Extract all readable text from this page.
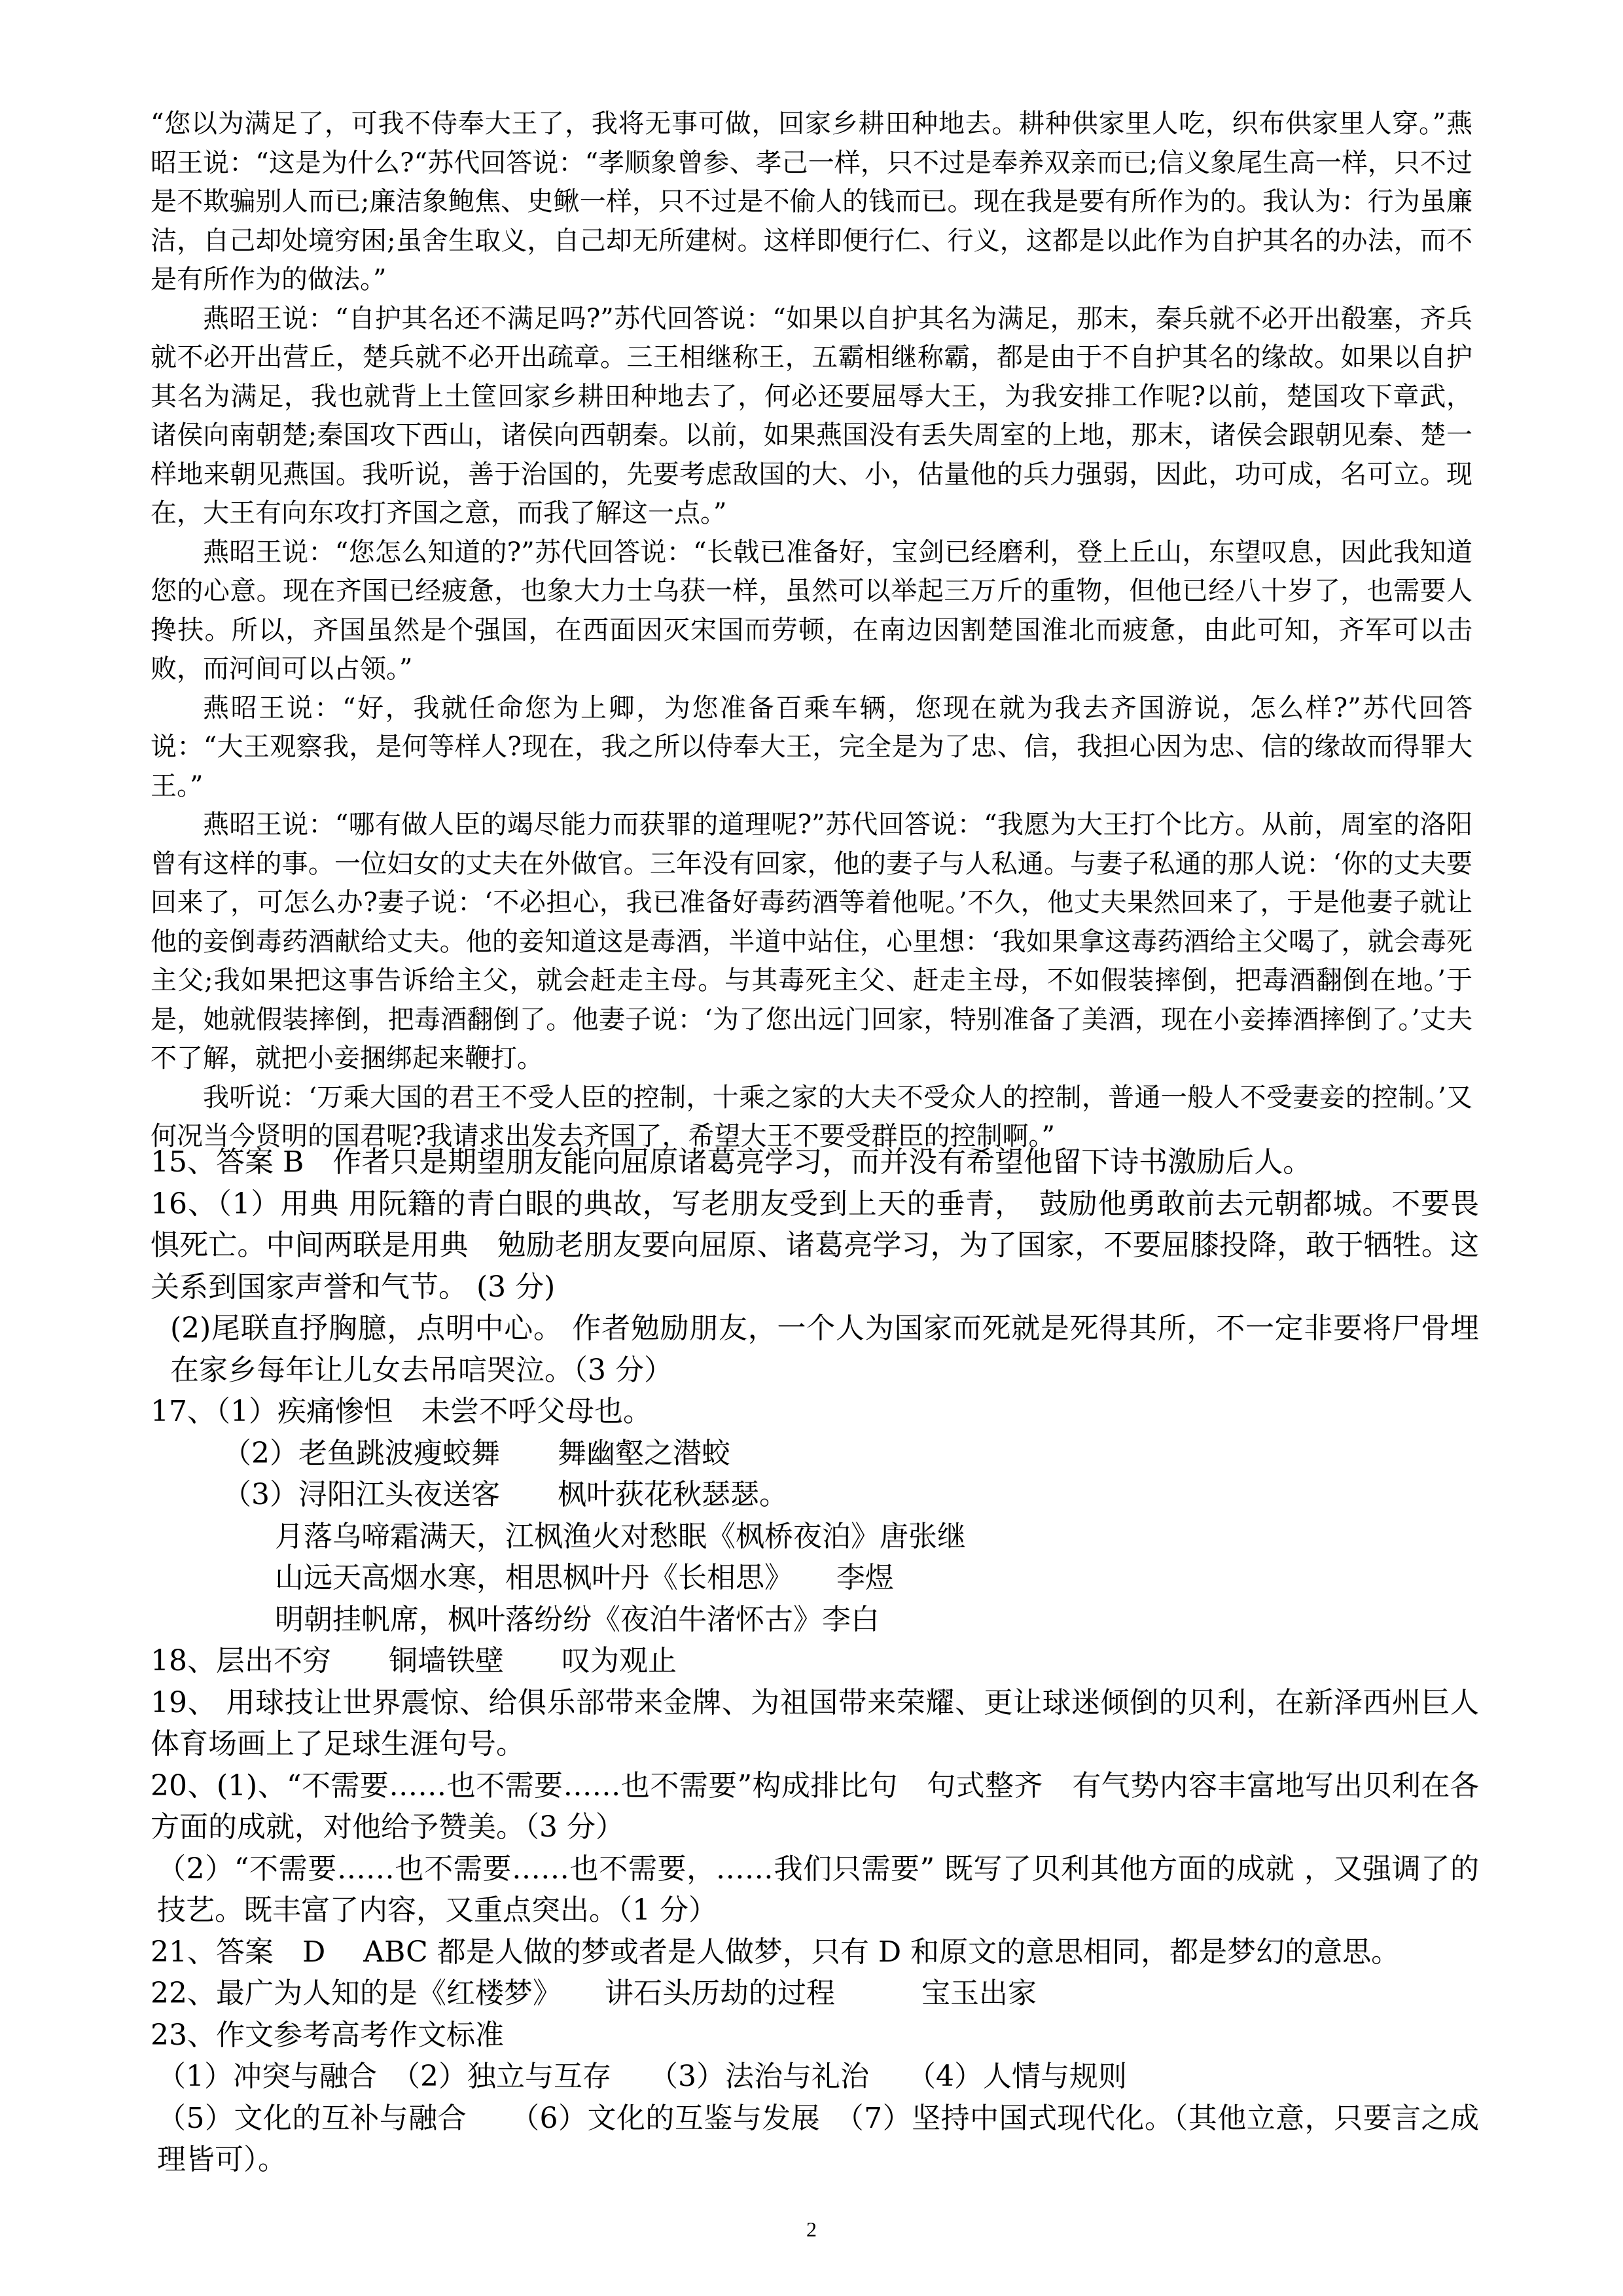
“您以为满足了，可我不侍奉大王了，我将无事可做，回家乡耕田种地去。耕种供家里人吃，织布供家里人穿。”燕昭王说：“这是为什么?“苏代回答说：“孝顺象曾参、孝己一样，只不过是奉养双亲而已;信义象尾生高一样，只不过是不欺骗别人而已;廉洁象鲍焦、史鳅一样，只不过是不偷人的钱而已。现在我是要有所作为的。我认为：行为虽廉洁，自己却处境穷困;虽舍生取义，自己却无所建树。这样即便行仁、行义，这都是以此作为自护其名的办法，而不是有所作为的做法。”

燕昭王说：“自护其名还不满足吗?”苏代回答说：“如果以自护其名为满足，那末，秦兵就不必开出殽塞，齐兵就不必开出营丘，楚兵就不必开出疏章。三王相继称王，五霸相继称霸，都是由于不自护其名的缘故。如果以自护其名为满足，我也就背上土筐回家乡耕田种地去了，何必还要屈辱大王，为我安排工作呢?以前，楚国攻下章武，诸侯向南朝楚;秦国攻下西山，诸侯向西朝秦。以前，如果燕国没有丢失周室的上地，那末，诸侯会跟朝见秦、楚一样地来朝见燕国。我听说，善于治国的，先要考虑敌国的大、小，估量他的兵力强弱，因此，功可成，名可立。现在，大王有向东攻打齐国之意，而我了解这一点。”

燕昭王说：“您怎么知道的?”苏代回答说：“长戟已准备好，宝剑已经磨利，登上丘山，东望叹息，因此我知道您的心意。现在齐国已经疲惫，也象大力士乌获一样，虽然可以举起三万斤的重物，但他已经八十岁了，也需要人搀扶。所以，齐国虽然是个强国，在西面因灭宋国而劳顿，在南边因割楚国淮北而疲惫，由此可知，齐军可以击败，而河间可以占领。”

燕昭王说：“好，我就任命您为上卿，为您准备百乘车辆，您现在就为我去齐国游说，怎么样?”苏代回答说：“大王观察我，是何等样人?现在，我之所以侍奉大王，完全是为了忠、信，我担心因为忠、信的缘故而得罪大王。”

燕昭王说：“哪有做人臣的竭尽能力而获罪的道理呢?”苏代回答说：“我愿为大王打个比方。从前，周室的洛阳曾有这样的事。一位妇女的丈夫在外做官。三年没有回家，他的妻子与人私通。与妻子私通的那人说：‘你的丈夫要回来了，可怎么办?妻子说：‘不必担心，我已准备好毒药酒等着他呢。’不久，他丈夫果然回来了，于是他妻子就让他的妾倒毒药酒献给丈夫。他的妾知道这是毒酒，半道中站住，心里想：‘我如果拿这毒药酒给主父喝了，就会毒死主父;我如果把这事告诉给主父，就会赶走主母。与其毒死主父、赶走主母，不如假装摔倒，把毒酒翻倒在地。’于是，她就假装摔倒，把毒酒翻倒了。他妻子说：‘为了您出远门回家，特别准备了美酒，现在小妾捧酒摔倒了。’丈夫不了解，就把小妾捆绑起来鞭打。

我听说：‘万乘大国的君王不受人臣的控制，十乘之家的大夫不受众人的控制，普通一般人不受妻妾的控制。’又何况当今贤明的国君呢?我请求出发去齐国了，希望大王不要受群臣的控制啊。”

15、答案 B　作者只是期望朋友能向屈原诸葛亮学习，而并没有希望他留下诗书激励后人。

16、（1）用典 用阮籍的青白眼的典故，写老朋友受到上天的垂青，　鼓励他勇敢前去元朝都城。不要畏惧死亡。中间两联是用典　勉励老朋友要向屈原、诸葛亮学习，为了国家，不要屈膝投降，敢于牺牲。这关系到国家声誉和气节。 (3 分)

(2)尾联直抒胸臆，点明中心。 作者勉励朋友，一个人为国家而死就是死得其所，不一定非要将尸骨埋在家乡每年让儿女去吊唁哭泣。（3 分）

17、（1）疾痛惨怛　未尝不呼父母也。

（2）老鱼跳波瘦蛟舞　　舞幽壑之潜蛟

（3）浔阳江头夜送客　　枫叶荻花秋瑟瑟。

月落乌啼霜满天，江枫渔火对愁眠《枫桥夜泊》唐张继

山远天高烟水寒，相思枫叶丹《长相思》　　李煜

明朝挂帆席，枫叶落纷纷《夜泊牛渚怀古》李白

18、层出不穷　　铜墙铁壁　　叹为观止

19、 用球技让世界震惊、给俱乐部带来金牌、为祖国带来荣耀、更让球迷倾倒的贝利，在新泽西州巨人体育场画上了足球生涯句号。

20、(1)、“不需要……也不需要……也不需要”构成排比句　句式整齐　有气势内容丰富地写出贝利在各方面的成就，对他给予赞美。（3 分）

（2）“不需要……也不需要……也不需要，……我们只需要” 既写了贝利其他方面的成就 ，又强调了的技艺。既丰富了内容，又重点突出。（1 分）

21、答案　D　 ABC 都是人做的梦或者是人做梦，只有 D 和原文的意思相同，都是梦幻的意思。

22、最广为人知的是《红楼梦》　　讲石头历劫的过程　　　宝玉出家

23、作文参考高考作文标准

（1）冲突与融合　（2）独立与互存　 （3）法治与礼治　 （4）人情与规则

（5）文化的互补与融合　　（6）文化的互鉴与发展　（7）坚持中国式现代化。（其他立意，只要言之成理皆可）。

2
